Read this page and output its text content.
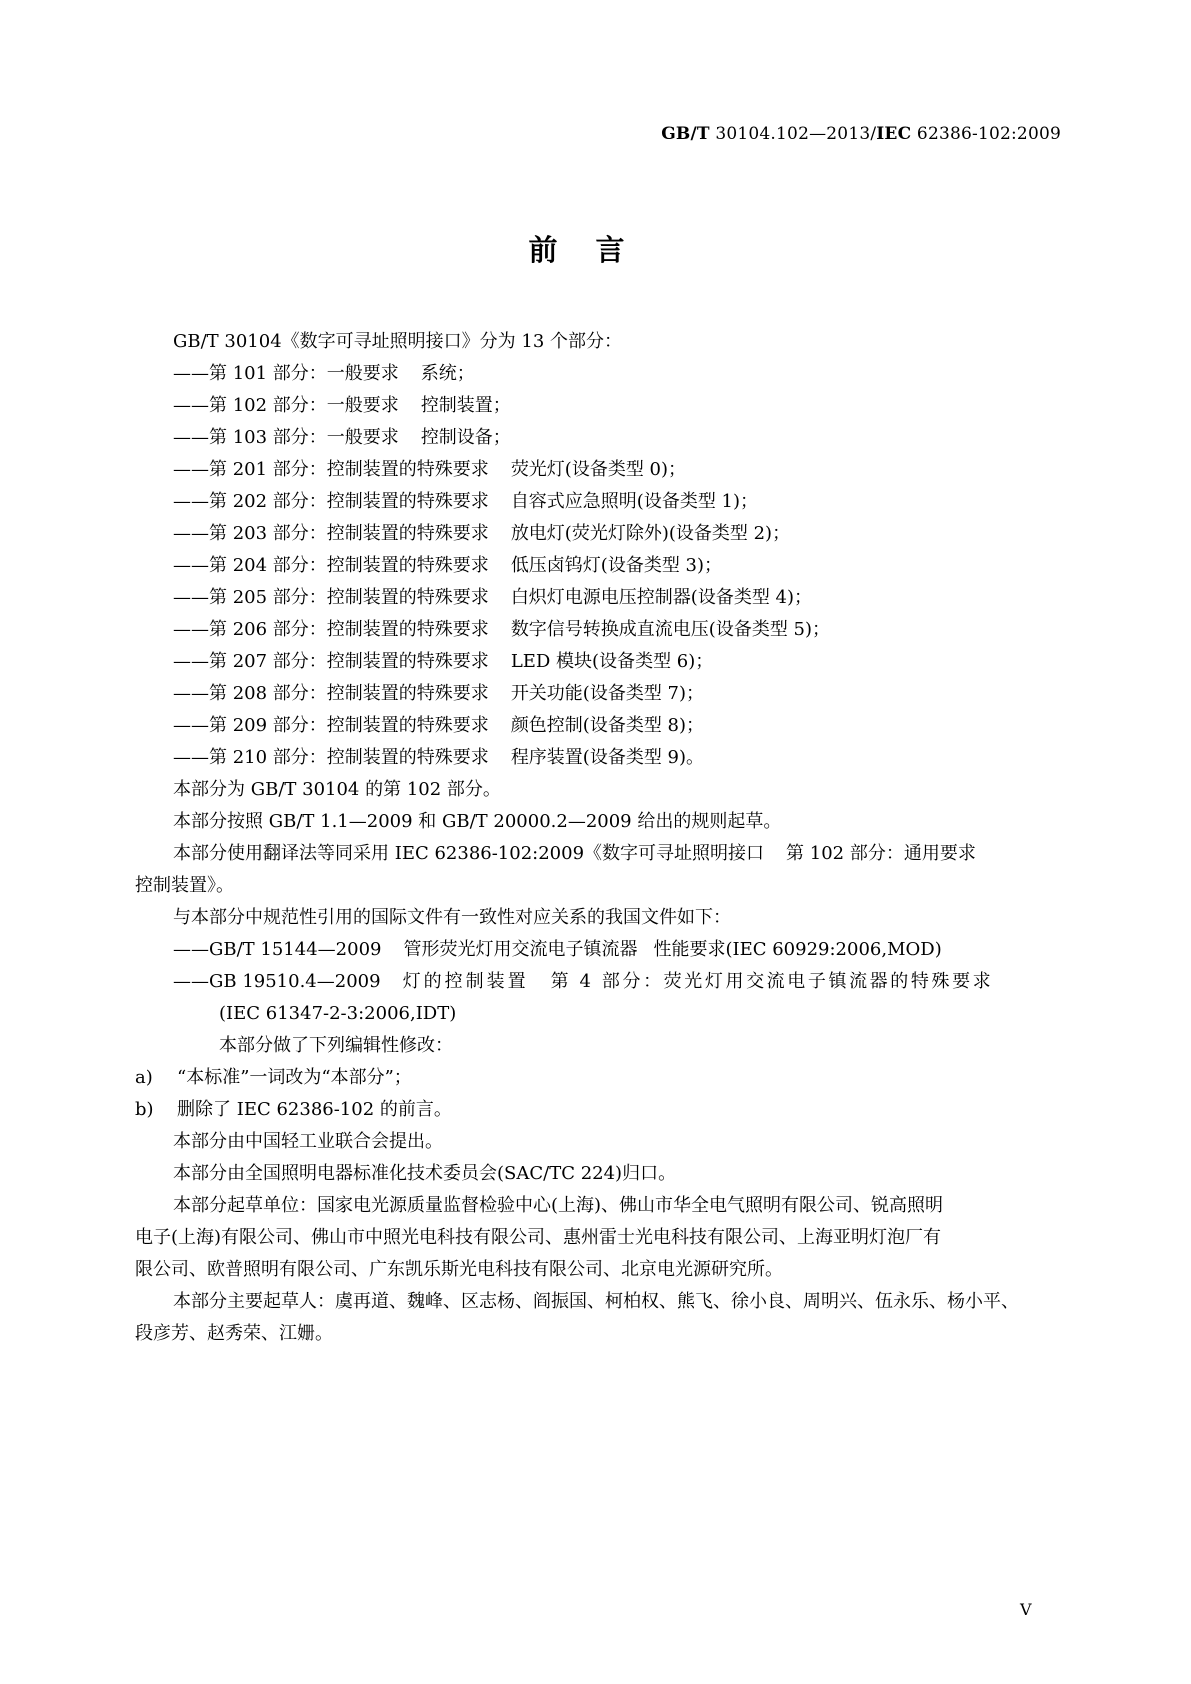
GB/T 30104.102—2013/IEC 62386-102:2009
前言
GB/T 30104《数字可寻址照明接口》分为 13 个部分：
——第 101 部分：一般要求 系统；
——第 102 部分：一般要求 控制装置；
——第 103 部分：一般要求 控制设备；
——第 201 部分：控制装置的特殊要求 荧光灯(设备类型 0)；
——第 202 部分：控制装置的特殊要求 自容式应急照明(设备类型 1)；
——第 203 部分：控制装置的特殊要求 放电灯(荧光灯除外)(设备类型 2)；
——第 204 部分：控制装置的特殊要求 低压卤钨灯(设备类型 3)；
——第 205 部分：控制装置的特殊要求 白炽灯电源电压控制器(设备类型 4)；
——第 206 部分：控制装置的特殊要求 数字信号转换成直流电压(设备类型 5)；
——第 207 部分：控制装置的特殊要求 LED 模块(设备类型 6)；
——第 208 部分：控制装置的特殊要求 开关功能(设备类型 7)；
——第 209 部分：控制装置的特殊要求 颜色控制(设备类型 8)；
——第 210 部分：控制装置的特殊要求 程序装置(设备类型 9)。
本部分为 GB/T 30104 的第 102 部分。
本部分按照 GB/T 1.1—2009 和 GB/T 20000.2—2009 给出的规则起草。
本部分使用翻译法等同采用 IEC 62386-102:2009《数字可寻址照明接口 第 102 部分：通用要求
控制装置》。
与本部分中规范性引用的国际文件有一致性对应关系的我国文件如下：
——GB/T 15144—2009 管形荧光灯用交流电子镇流器 性能要求(IEC 60929:2006,MOD)
——GB 19510.4—2009 灯的控制装置 第 4 部分：荧光灯用交流电子镇流器的特殊要求
(IEC 61347-2-3:2006,IDT)
本部分做了下列编辑性修改：
a) “本标准”一词改为“本部分”；
b) 删除了 IEC 62386-102 的前言。
本部分由中国轻工业联合会提出。
本部分由全国照明电器标准化技术委员会(SAC/TC 224)归口。
本部分起草单位：国家电光源质量监督检验中心(上海)、佛山市华全电气照明有限公司、锐高照明
电子(上海)有限公司、佛山市中照光电科技有限公司、惠州雷士光电科技有限公司、上海亚明灯泡厂有
限公司、欧普照明有限公司、广东凯乐斯光电科技有限公司、北京电光源研究所。
本部分主要起草人：虞再道、魏峰、区志杨、阎振国、柯柏权、熊飞、徐小良、周明兴、伍永乐、杨小平、
段彦芳、赵秀荣、江姗。
V
